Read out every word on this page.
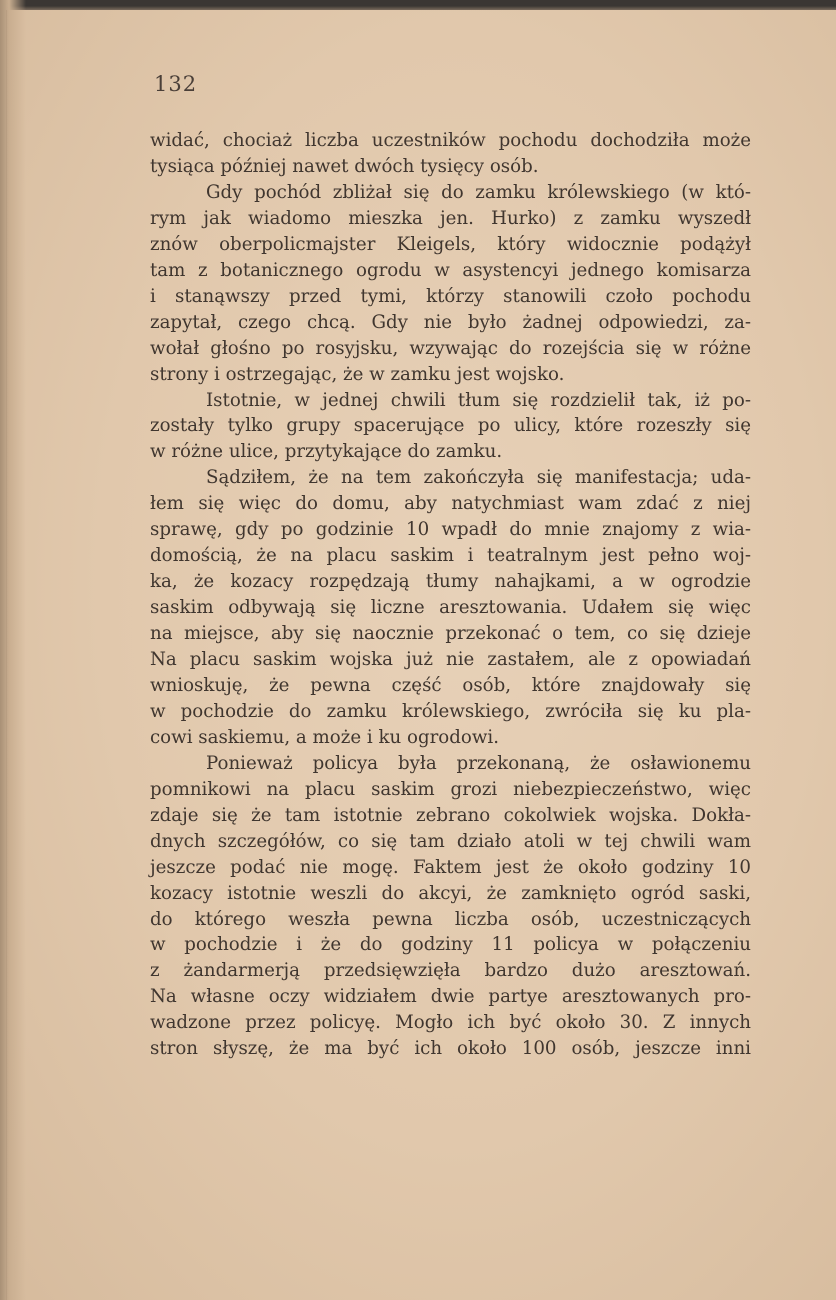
132
widać, chociaż liczba uczestników pochodu dochodziła może
tysiąca później nawet dwóch tysięcy osób.
Gdy pochód zbliżał się do zamku królewskiego (w któ-
rym jak wiadomo mieszka jen. Hurko) z zamku wyszedł
znów oberpolicmajster Kleigels, który widocznie podążył
tam z botanicznego ogrodu w asystencyi jednego komisarza
i stanąwszy przed tymi, którzy stanowili czoło pochodu
zapytał, czego chcą. Gdy nie było żadnej odpowiedzi, za-
wołał głośno po rosyjsku, wzywając do rozejścia się w różne
strony i ostrzegając, że w zamku jest wojsko.
Istotnie, w jednej chwili tłum się rozdzielił tak, iż po-
zostały tylko grupy spacerujące po ulicy, które rozeszły się
w różne ulice, przytykające do zamku.
Sądziłem, że na tem zakończyła się manifestacja; uda-
łem się więc do domu, aby natychmiast wam zdać z niej
sprawę, gdy po godzinie 10 wpadł do mnie znajomy z wia-
domością, że na placu saskim i teatralnym jest pełno woj-
ka, że kozacy rozpędzają tłumy nahajkami, a w ogrodzie
saskim odbywają się liczne aresztowania. Udałem się więc
na miejsce, aby się naocznie przekonać o tem, co się dzieje
Na placu saskim wojska już nie zastałem, ale z opowiadań
wnioskuję, że pewna część osób, które znajdowały się
w pochodzie do zamku królewskiego, zwróciła się ku pla-
cowi saskiemu, a może i ku ogrodowi.
Ponieważ policya była przekonaną, że osławionemu
pomnikowi na placu saskim grozi niebezpieczeństwo, więc
zdaje się że tam istotnie zebrano cokolwiek wojska. Dokła-
dnych szczegółów, co się tam działo atoli w tej chwili wam
jeszcze podać nie mogę. Faktem jest że około godziny 10
kozacy istotnie weszli do akcyi, że zamknięto ogród saski,
do którego weszła pewna liczba osób, uczestniczących
w pochodzie i że do godziny 11 policya w połączeniu
z żandarmerją przedsięwzięła bardzo dużo aresztowań.
Na własne oczy widziałem dwie partye aresztowanych pro-
wadzone przez policyę. Mogło ich być około 30. Z innych
stron słyszę, że ma być ich około 100 osób, jeszcze inni
